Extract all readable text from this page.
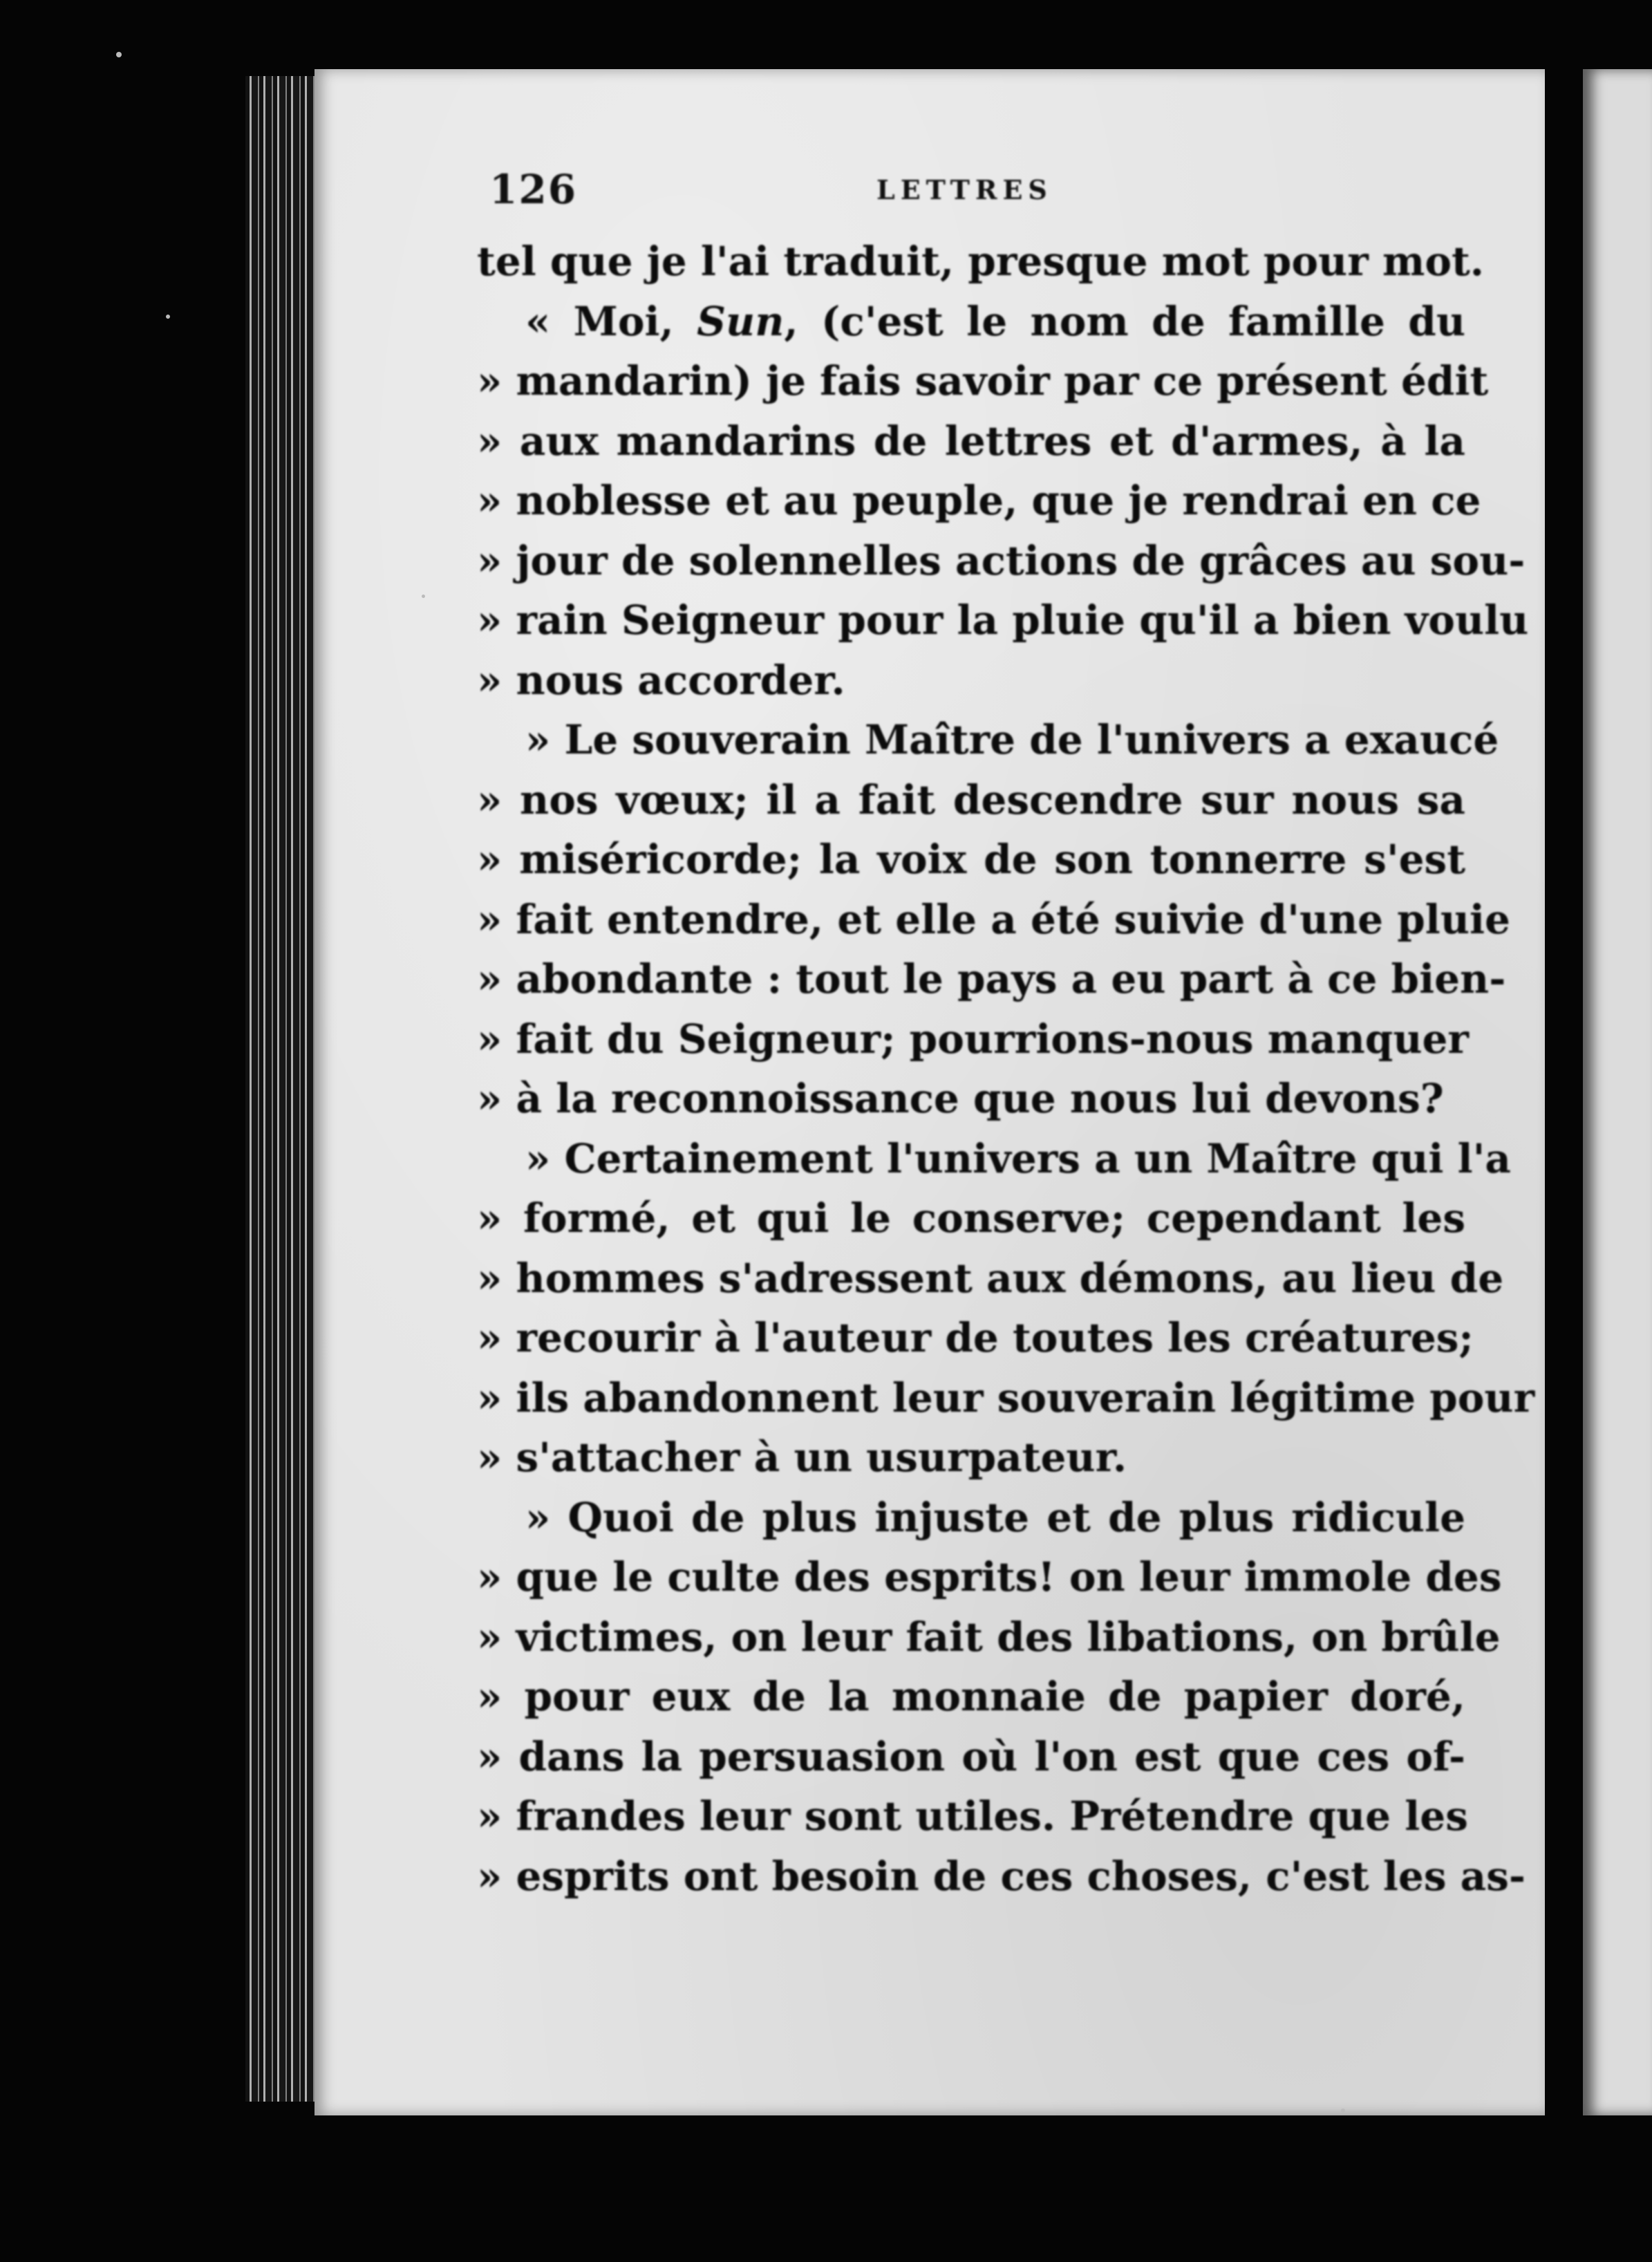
126	LETTRES
tel que je l'ai traduit, presque mot pour mot.
« Moi, Sun, (c'est le nom de famille du
» mandarin) je fais savoir par ce présent édit
» aux mandarins de lettres et d'armes, à la
» noblesse et au peuple, que je rendrai en ce
» jour de solennelles actions de grâces au sou-
» rain Seigneur pour la pluie qu'il a bien voulu
» nous accorder.
» Le souverain Maître de l'univers a exaucé
» nos vœux; il a fait descendre sur nous sa
» miséricorde; la voix de son tonnerre s'est
» fait entendre, et elle a été suivie d'une pluie
» abondante : tout le pays a eu part à ce bien-
» fait du Seigneur; pourrions-nous manquer
» à la reconnoissance que nous lui devons?
» Certainement l'univers a un Maître qui l'a
» formé, et qui le conserve; cependant les
» hommes s'adressent aux démons, au lieu de
» recourir à l'auteur de toutes les créatures;
» ils abandonnent leur souverain légitime pour
» s'attacher à un usurpateur.
» Quoi de plus injuste et de plus ridicule
» que le culte des esprits! on leur immole des
» victimes, on leur fait des libations, on brûle
» pour eux de la monnaie de papier doré,
» dans la persuasion où l'on est que ces of-
» frandes leur sont utiles. Prétendre que les
» esprits ont besoin de ces choses, c'est les as-
